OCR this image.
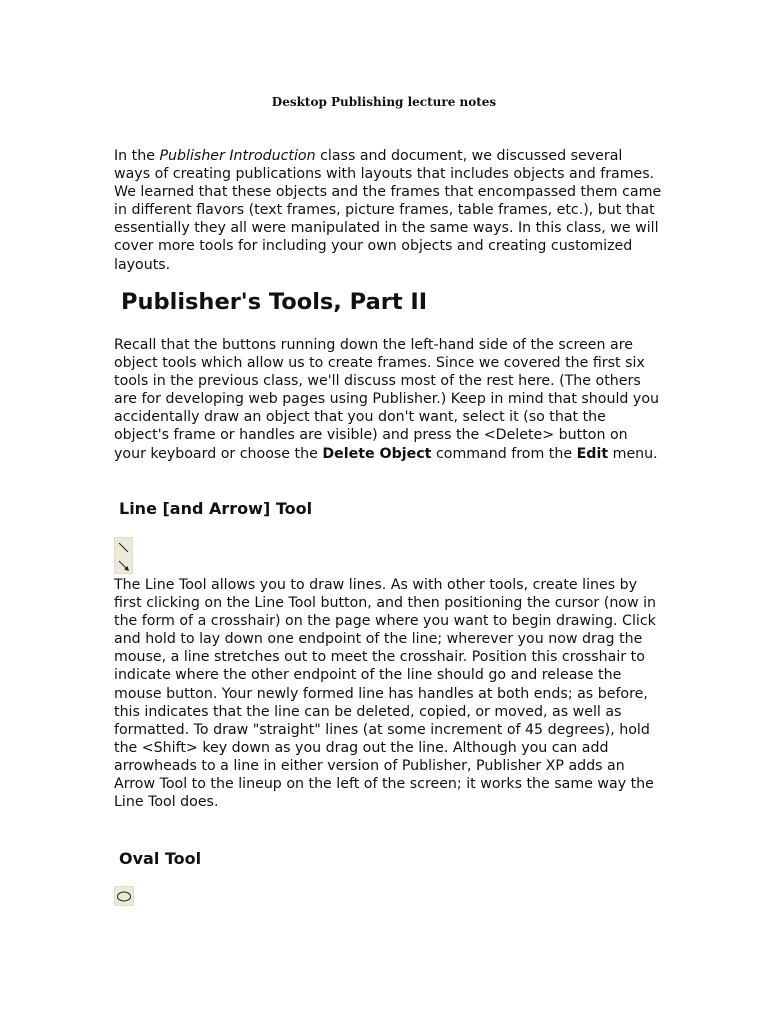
Desktop Publishing lecture notes

In the Publisher Introduction class and document, we discussed several ways of creating publications with layouts that includes objects and frames. We learned that these objects and the frames that encompassed them came in different flavors (text frames, picture frames, table frames, etc.), but that essentially they all were manipulated in the same ways. In this class, we will cover more tools for including your own objects and creating customized layouts.

Publisher's Tools, Part II

Recall that the buttons running down the left-hand side of the screen are object tools which allow us to create frames. Since we covered the first six tools in the previous class, we'll discuss most of the rest here. (The others are for developing web pages using Publisher.) Keep in mind that should you accidentally draw an object that you don't want, select it (so that the object's frame or handles are visible) and press the <Delete> button on your keyboard or choose the Delete Object command from the Edit menu.

Line [and Arrow] Tool

The Line Tool allows you to draw lines. As with other tools, create lines by first clicking on the Line Tool button, and then positioning the cursor (now in the form of a crosshair) on the page where you want to begin drawing. Click and hold to lay down one endpoint of the line; wherever you now drag the mouse, a line stretches out to meet the crosshair. Position this crosshair to indicate where the other endpoint of the line should go and release the mouse button. Your newly formed line has handles at both ends; as before, this indicates that the line can be deleted, copied, or moved, as well as formatted. To draw "straight" lines (at some increment of 45 degrees), hold the <Shift> key down as you drag out the line. Although you can add arrowheads to a line in either version of Publisher, Publisher XP adds an Arrow Tool to the lineup on the left of the screen; it works the same way the Line Tool does.

Oval Tool
